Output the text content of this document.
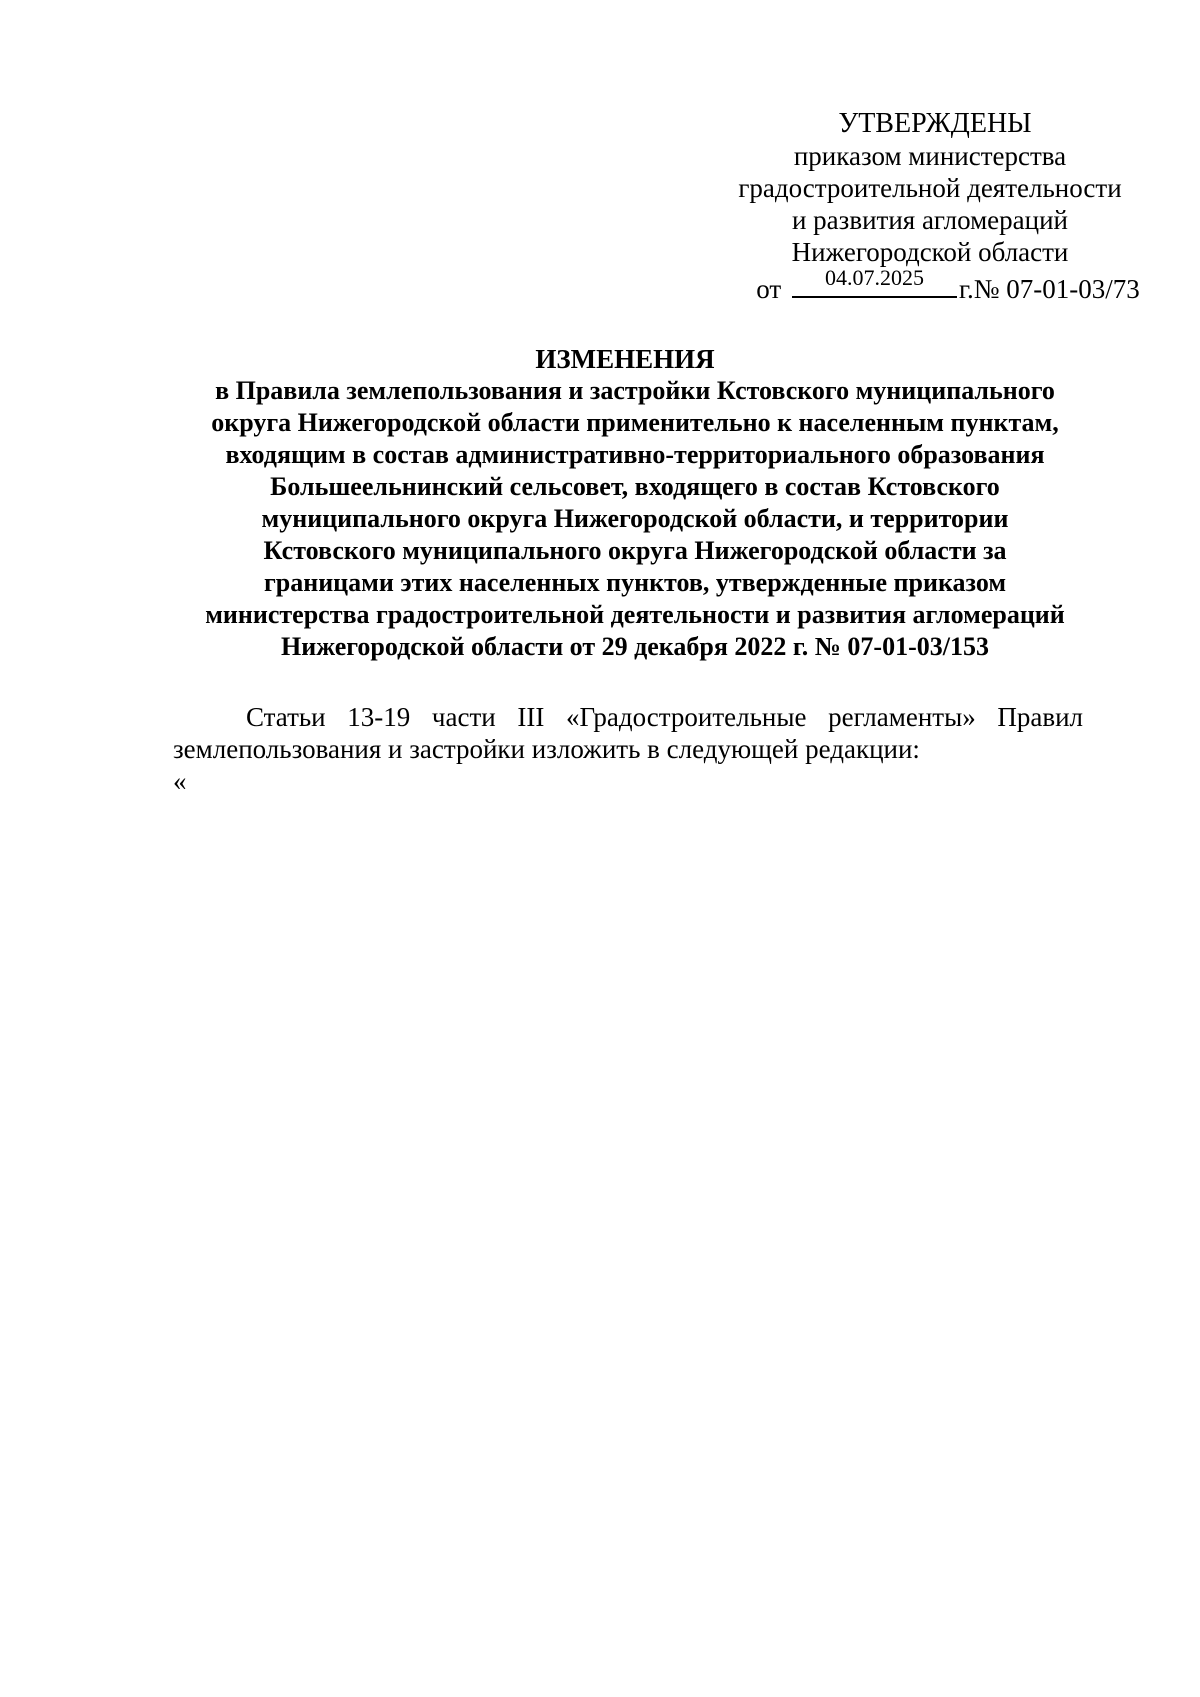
УТВЕРЖДЕНЫ
приказом министерства
градостроительной деятельности
и развития агломераций
Нижегородской области
от	04.07.2025	г.№ 07-01-03/73
ИЗМЕНЕНИЯ
в Правила землепользования и застройки Кстовского муниципального
округа Нижегородской области применительно к населенным пунктам,
входящим в состав административно-территориального образования
Большеельнинский сельсовет, входящего в состав Кстовского
муниципального округа Нижегородской области, и территории
Кстовского муниципального округа Нижегородской области за
границами этих населенных пунктов, утвержденные приказом
министерства градостроительной деятельности и развития агломераций
Нижегородской области от 29 декабря 2022 г. № 07-01-03/153

Статьи 13-19 части III «Градостроительные регламенты» Правил землепользования и застройки изложить в следующей редакции:

«
